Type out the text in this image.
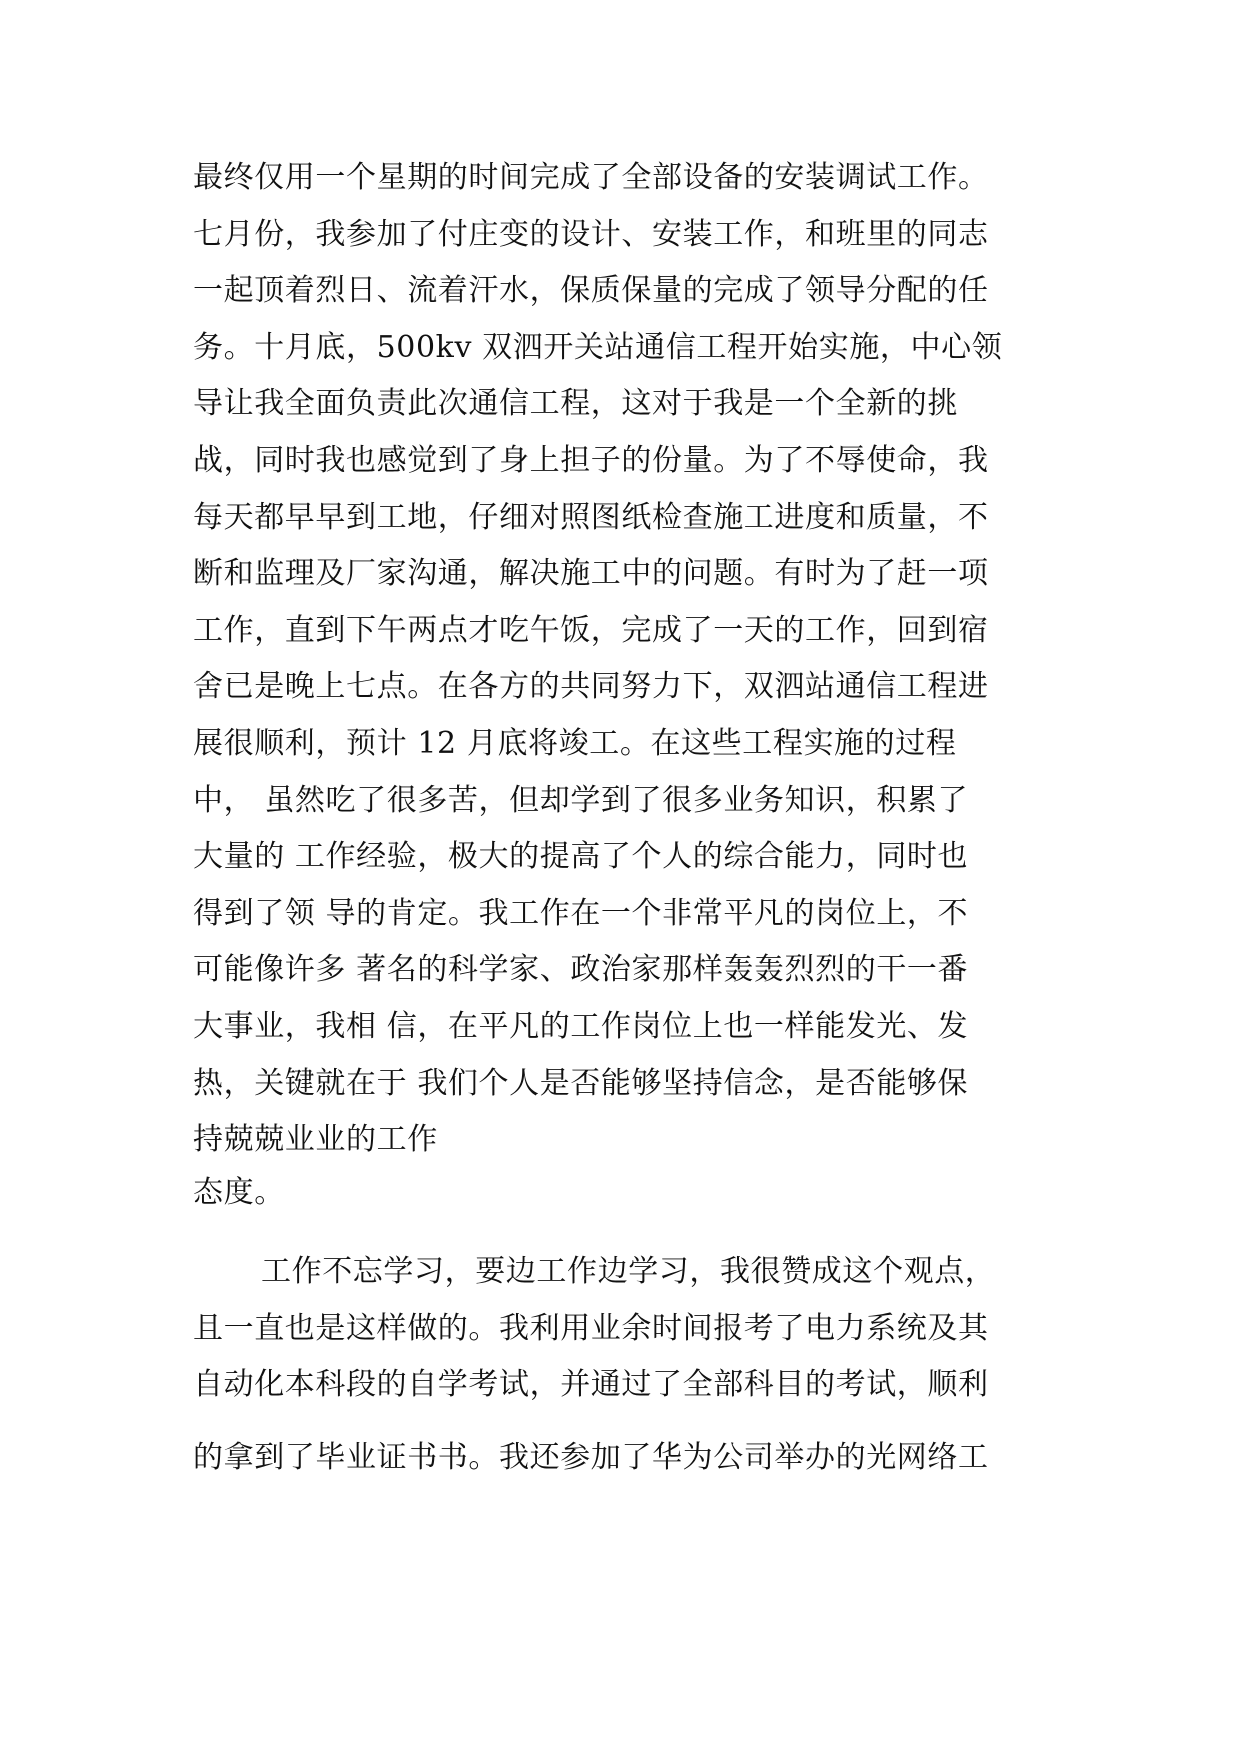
最终仅用一个星期的时间完成了全部设备的安装调试工作。
七月份，我参加了付庄变的设计、安装工作，和班里的同志
一起顶着烈日、流着汗水，保质保量的完成了领导分配的任
务。十月底，500kv 双泗开关站通信工程开始实施，中心领
导让我全面负责此次通信工程，这对于我是一个全新的挑
战，同时我也感觉到了身上担子的份量。为了不辱使命，我
每天都早早到工地，仔细对照图纸检查施工进度和质量，不
断和监理及厂家沟通，解决施工中的问题。有时为了赶一项
工作，直到下午两点才吃午饭，完成了一天的工作，回到宿
舍已是晚上七点。在各方的共同努力下，双泗站通信工程进
展很顺利，预计 12 月底将竣工。在这些工程实施的过程
中， 虽然吃了很多苦，但却学到了很多业务知识，积累了
大量的 工作经验，极大的提高了个人的综合能力，同时也
得到了领 导的肯定。我工作在一个非常平凡的岗位上，不
可能像许多 著名的科学家、政治家那样轰轰烈烈的干一番
大事业，我相 信，在平凡的工作岗位上也一样能发光、发
热，关键就在于 我们个人是否能够坚持信念，是否能够保
持兢兢业业的工作
态度。
工作不忘学习，要边工作边学习，我很赞成这个观点，
且一直也是这样做的。我利用业余时间报考了电力系统及其
自动化本科段的自学考试，并通过了全部科目的考试，顺利
的拿到了毕业证书书。我还参加了华为公司举办的光网络工
